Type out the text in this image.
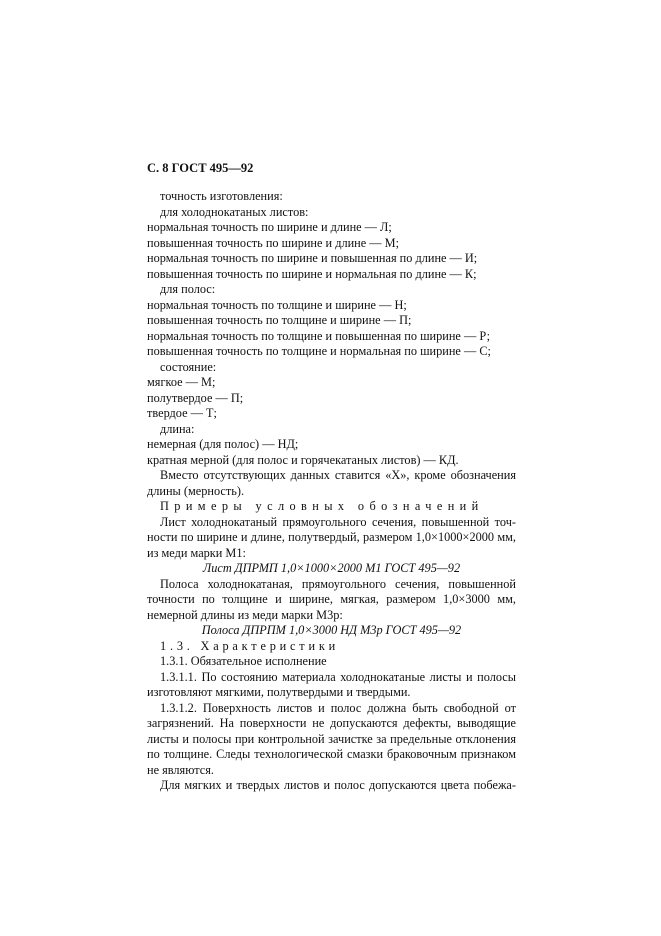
С. 8 ГОСТ 495—92
точность изготовления:
для холоднокатаных листов:
нормальная точность по ширине и длине — Л;
повышенная точность по ширине и длине — М;
нормальная точность по ширине и повышенная по длине — И;
повышенная точность по ширине и нормальная по длине — К;
для полос:
нормальная точность по толщине и ширине — Н;
повышенная точность по толщине и ширине — П;
нормальная точность по толщине и повышенная по ширине — Р;
повышенная точность по толщине и нормальная по ширине — С;
состояние:
мягкое — М;
полутвердое — П;
твердое — Т;
длина:
немерная (для полос) — НД;
кратная мерной (для полос и горячекатаных листов) — КД.
Вместо отсутствующих данных ставится «Х», кроме обозначения
длины (мерность).
Примеры условных обозначений
Лист холоднокатаный прямоугольного сечения, повышенной точ-
ности по ширине и длине, полутвердый, размером 1,0×1000×2000 мм,
из меди марки М1:
Лист ДПРМП 1,0×1000×2000 М1 ГОСТ 495—92
Полоса холоднокатаная, прямоугольного сечения, повышенной
точности по толщине и ширине, мягкая, размером 1,0×3000 мм,
немерной длины из меди марки М3р:
Полоса ДПРПМ 1,0×3000 НД М3р ГОСТ 495—92
1.3. Характеристики
1.3.1. Обязательное исполнение
1.3.1.1. По состоянию материала холоднокатаные листы и полосы
изготовляют мягкими, полутвердыми и твердыми.
1.3.1.2. Поверхность листов и полос должна быть свободной от
загрязнений. На поверхности не допускаются дефекты, выводящие
листы и полосы при контрольной зачистке за предельные отклонения
по толщине. Следы технологической смазки браковочным признаком
не являются.
Для мягких и твердых листов и полос допускаются цвета побежа-
